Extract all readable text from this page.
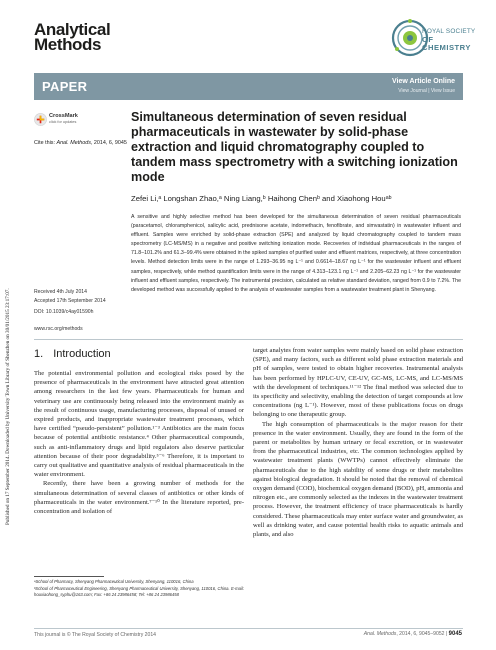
Published on 17 September 2014. Downloaded by University Town Library of Shenzhen on 30/01/2015 23:17:07.
Analytical
Methods
ROYAL SOCIETY
OF CHEMISTRY
PAPER	View Article Online
View Journal | View Issue
CrossMark
click for updates
Cite this: Anal. Methods, 2014, 6, 9045
Simultaneous determination of seven residual pharmaceuticals in wastewater by solid-phase extraction and liquid chromatography coupled to tandem mass spectrometry with a switching ionization mode
Zefei Li,ᵃ Longshan Zhao,ᵃ Ning Liang,ᵇ Haihong Chenᵇ and Xiaohong Houᵃᵇ
A sensitive and highly selective method has been developed for the simultaneous determination of seven residual pharmaceuticals (paracetamol, chloramphenicol, salicylic acid, prednisone acetate, indomethacin, fenofibrate, and simvastatin) in wastewater influent and effluent. Samples were enriched by solid-phase extraction (SPE) and analyzed by liquid chromatography coupled to tandem mass spectrometry (LC-MS/MS) in a negative and positive switching ionization mode. Recoveries of individual pharmaceuticals in the ranges of 71.8–101.2% and 61.3–99.4% were obtained in the spiked samples of purified water and effluent matrices, respectively, at three concentration levels. Method detection limits were in the range of 1.293–36.95 ng L⁻¹ and 0.6614–18.67 ng L⁻¹ for the wastewater influent and effluent samples, respectively, while method quantification limits were in the range of 4.313–123.1 ng L⁻¹ and 2.205–62.23 ng L⁻¹ for the wastewater influent and effluent samples, respectively. The instrumental precision, calculated as relative standard deviation, ranged from 0.9 to 7.2%. The developed method was successfully applied to the analysis of wastewater samples from a wastewater treatment plant in Shenyang.
Received 4th July 2014
Accepted 17th September 2014
DOI: 10.1039/c4ay01590h
www.rsc.org/methods
1. Introduction

The potential environmental pollution and ecological risks posed by the presence of pharmaceuticals in the environment have attracted great attention among researchers in the last few years. Pharmaceuticals for human and veterinary use are continuously being released into the environment mainly as the result of continuous usage, manufacturing processes, disposal of unused or expired products, and inappropriate wastewater treatment processes, which have certified “pseudo-persistent” pollution.¹⁻³ Antibiotics are the main focus because of potential antibiotic resistance.⁴ Other pharmaceutical compounds, such as anti-inflammatory drugs and lipid regulators also deserve particular attention because of their poor degradability.⁵⁻⁶ Therefore, it is important to carry out qualitative and quantitative analysis of residual pharmaceuticals in the water environment.

Recently, there have been a growing number of methods for the simultaneous determination of several classes of antibiotics or other kinds of pharmaceuticals in the water environment.⁷⁻¹⁰ In the literature reported, pre-concentration and isolation of

target analytes from water samples were mainly based on solid phase extraction (SPE), and many factors, such as different solid phase extraction materials and pH of samples, were tested to obtain higher recoveries. Instrumental analysis has been performed by HPLC-UV, CE-UV, GC-MS, LC-MS, and LC-MS/MS with the development of techniques.¹¹⁻¹² The final method was selected due to its specificity and selectivity, enabling the detection of target compounds at low concentrations (ng L⁻¹). However, most of these publications focus on drugs belonging to one therapeutic group.

The high consumption of pharmaceuticals is the major reason for their presence in the water environment. Usually, they are found in the form of the parent or metabolites by human urinary or fecal excretion, or in wastewater from the pharmaceutical industries, etc. The common technologies applied by wastewater treatment plants (WWTPs) cannot effectively eliminate the pharmaceuticals due to the high stability of some drugs or their metabolites against biological degradation. It should be noted that the removal of chemical oxygen demand (COD), biochemical oxygen demand (BOD), pH, ammonia and nitrogen etc., are commonly selected as the indexes in the wastewater treatment process. However, the treatment efficiency of trace pharmaceuticals is hardly considered. These pharmaceuticals may enter surface water and groundwater, as well as drinking water, and cause potential health risks to aquatic animals and plants, and also

ᵃSchool of Pharmacy, Shenyang Pharmaceutical University, Shenyang, 110016, China
ᵇSchool of Pharmaceutical Engineering, Shenyang Pharmaceutical University, Shenyang, 110016, China. E-mail: houxiaohong_syphu@163.com; Fax: +86 24 23986458; Tel: +86 24 23986458
This journal is © The Royal Society of Chemistry 2014	Anal. Methods, 2014, 6, 9045–9052 | 9045
